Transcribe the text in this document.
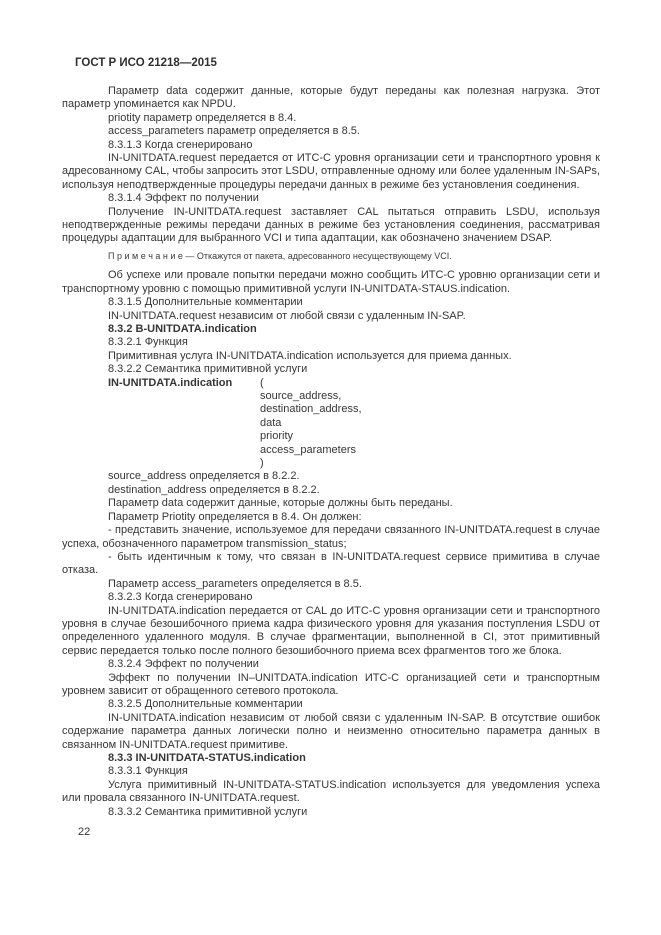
ГОСТ Р ИСО 21218—2015

Параметр data содержит данные, которые будут переданы как полезная нагрузка. Этот параметр упоминается как NPDU.

priotity параметр определяется в 8.4.

access_parameters параметр определяется в 8.5.

8.3.1.3 Когда сгенерировано

IN-UNITDATA.request передается от ИТС-С уровня организации сети и транспортного уровня к адресованному CAL, чтобы запросить этот LSDU, отправленные одному или более удаленным IN-SAPs, используя неподтвержденные процедуры передачи данных в режиме без установления соединения.

8.3.1.4 Эффект по получении

Получение IN-UNITDATA.request заставляет CAL пытаться отправить LSDU, используя неподтвержденные режимы передачи данных в режиме без установления соединения, рассматривая процедуры адаптации для выбранного VCI и типа адаптации, как обозначено значением DSAP.

П р и м е ч а н и е — Откажутся от пакета, адресованного несуществующему VCI.

Об успехе или провале попытки передачи можно сообщить ИТС-С уровню организации сети и транспортному уровню с помощью примитивной услуги IN-UNITDATA-STAUS.indication.

8.3.1.5 Дополнительные комментарии

IN-UNITDATA.request независим от любой связи с удаленным IN-SAP.

8.3.2 B-UNITDATA.indication

8.3.2.1 Функция

Примитивная услуга IN-UNITDATA.indication используется для приема данных.

8.3.2.2 Семантика примитивной услуги

IN-UNITDATA.indication	(
source_address,
destination_address,
data
priority
access_parameters
)

source_address определяется в 8.2.2.

destination_address определяется в 8.2.2.

Параметр data содержит данные, которые должны быть переданы.

Параметр Priotity определяется в 8.4. Он должен:

- представить значение, используемое для передачи связанного IN-UNITDATA.request в случае успеха, обозначенного параметром transmission_status;

- быть идентичным к тому, что связан в IN-UNITDATA.request сервисе примитива в случае отказа.

Параметр access_parameters определяется в 8.5.

8.3.2.3 Когда сгенерировано

IN-UNITDATA.indication передается от CAL до ИТС-С уровня организации сети и транспортного уровня в случае безошибочного приема кадра физического уровня для указания поступления LSDU от определенного удаленного модуля. В случае фрагментации, выполненной в CI, этот примитивный сервис передается только после полного безошибочного приема всех фрагментов того же блока.

8.3.2.4 Эффект по получении

Эффект по получении IN–UNITDATA.indication ИТС-С организацией сети и транспортным уровнем зависит от обращенного сетевого протокола.

8.3.2.5 Дополнительные комментарии

IN-UNITDATA.indication независим от любой связи с удаленным IN-SAP. В отсутствие ошибок содержание параметра данных логически полно и неизменно относительно параметра данных в связанном IN-UNITDATA.request примитиве.

8.3.3 IN-UNITDATA-STATUS.indication

8.3.3.1 Функция

Услуга примитивный IN-UNITDATA-STATUS.indication используется для уведомления успеха или провала связанного IN-UNITDATA.request.

8.3.3.2 Семантика примитивной услуги

22
